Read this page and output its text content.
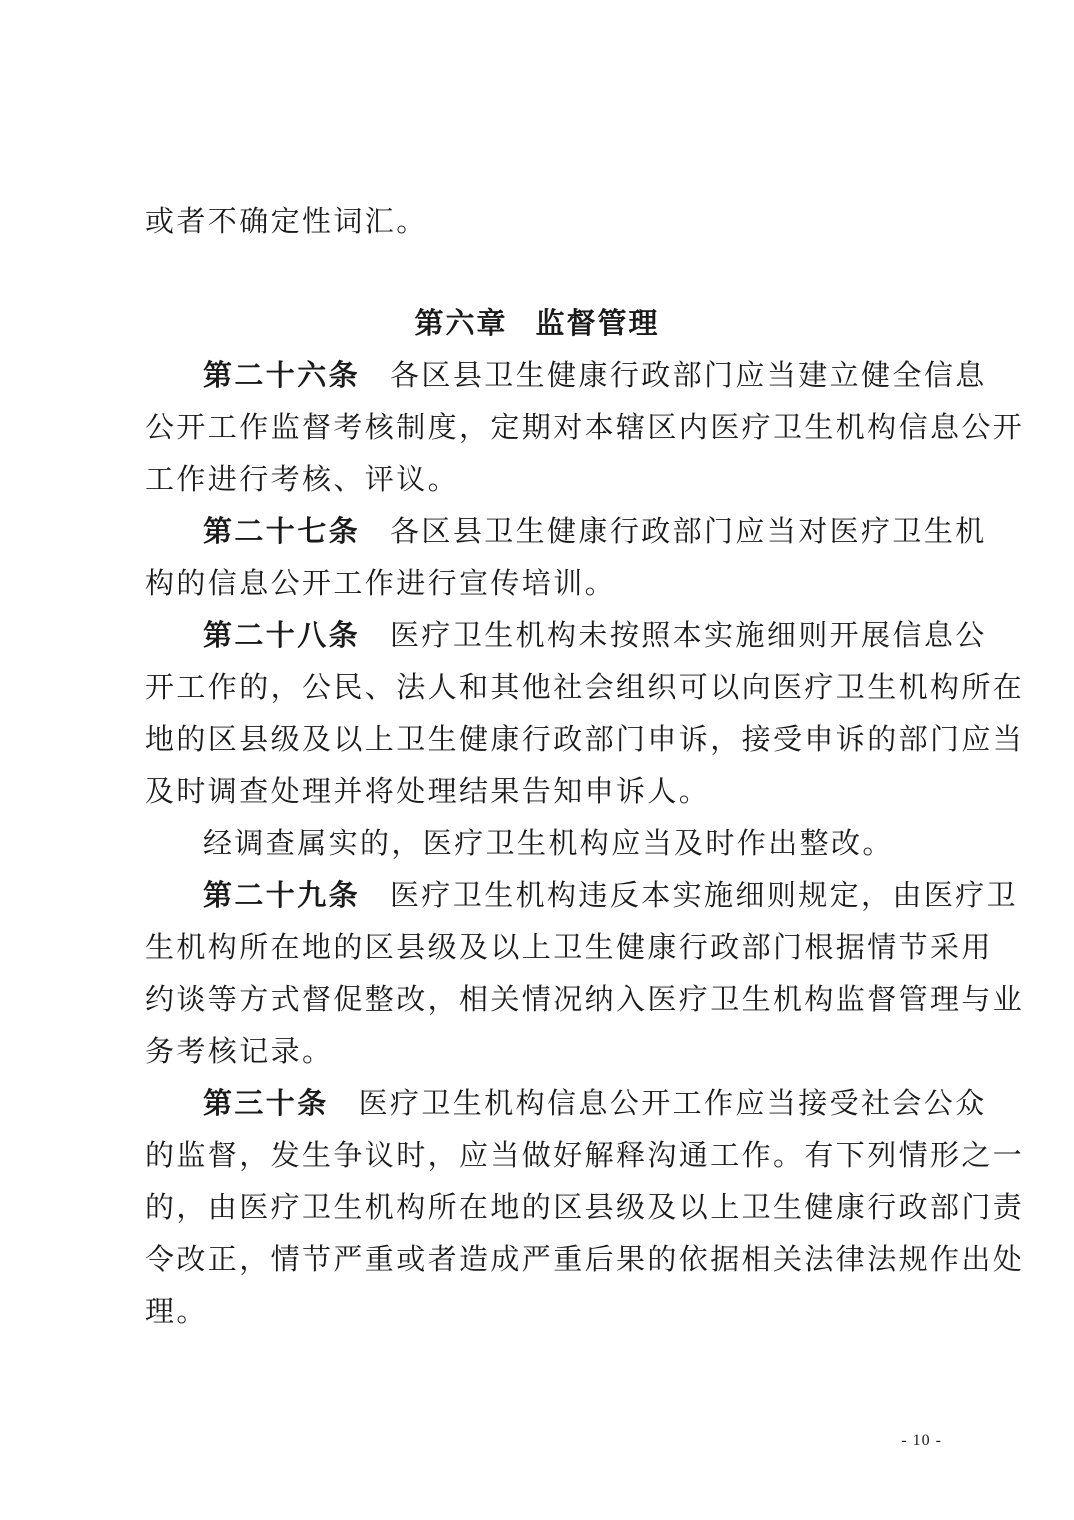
或者不确定性词汇。
第六章 监督管理
第二十六条 各区县卫生健康行政部门应当建立健全信息
公开工作监督考核制度，定期对本辖区内医疗卫生机构信息公开
工作进行考核、评议。
第二十七条 各区县卫生健康行政部门应当对医疗卫生机
构的信息公开工作进行宣传培训。
第二十八条 医疗卫生机构未按照本实施细则开展信息公
开工作的，公民、法人和其他社会组织可以向医疗卫生机构所在
地的区县级及以上卫生健康行政部门申诉，接受申诉的部门应当
及时调查处理并将处理结果告知申诉人。
经调查属实的，医疗卫生机构应当及时作出整改。
第二十九条 医疗卫生机构违反本实施细则规定，由医疗卫
生机构所在地的区县级及以上卫生健康行政部门根据情节采用
约谈等方式督促整改，相关情况纳入医疗卫生机构监督管理与业
务考核记录。
第三十条 医疗卫生机构信息公开工作应当接受社会公众
的监督，发生争议时，应当做好解释沟通工作。有下列情形之一
的，由医疗卫生机构所在地的区县级及以上卫生健康行政部门责
令改正，情节严重或者造成严重后果的依据相关法律法规作出处
理。
- 10 -
